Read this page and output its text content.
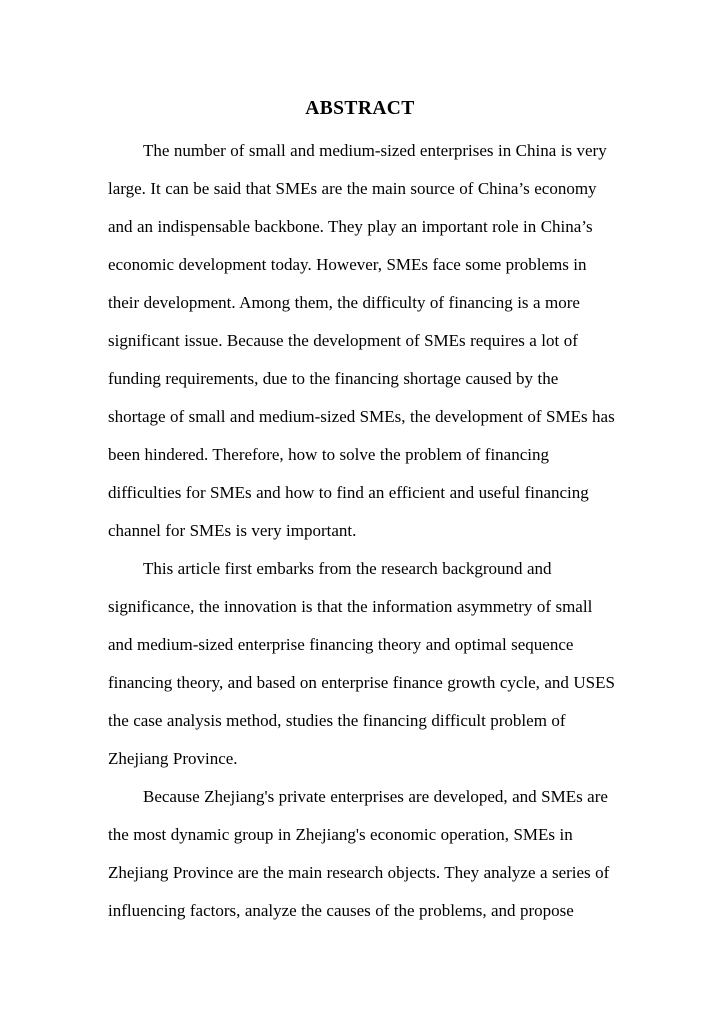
ABSTRACT

The number of small and medium-sized enterprises in China is very large. It can be said that SMEs are the main source of China’s economy and an indispensable backbone. They play an important role in China’s economic development today. However, SMEs face some problems in their development. Among them, the difficulty of financing is a more significant issue. Because the development of SMEs requires a lot of funding requirements, due to the financing shortage caused by the shortage of small and medium-sized SMEs, the development of SMEs has been hindered. Therefore, how to solve the problem of financing difficulties for SMEs and how to find an efficient and useful financing channel for SMEs is very important.

This article first embarks from the research background and significance, the innovation is that the information asymmetry of small and medium-sized enterprise financing theory and optimal sequence financing theory, and based on enterprise finance growth cycle, and USES the case analysis method, studies the financing difficult problem of Zhejiang Province.

Because Zhejiang's private enterprises are developed, and SMEs are the most dynamic group in Zhejiang's economic operation, SMEs in Zhejiang Province are the main research objects. They analyze a series of influencing factors, analyze the causes of the problems, and propose
